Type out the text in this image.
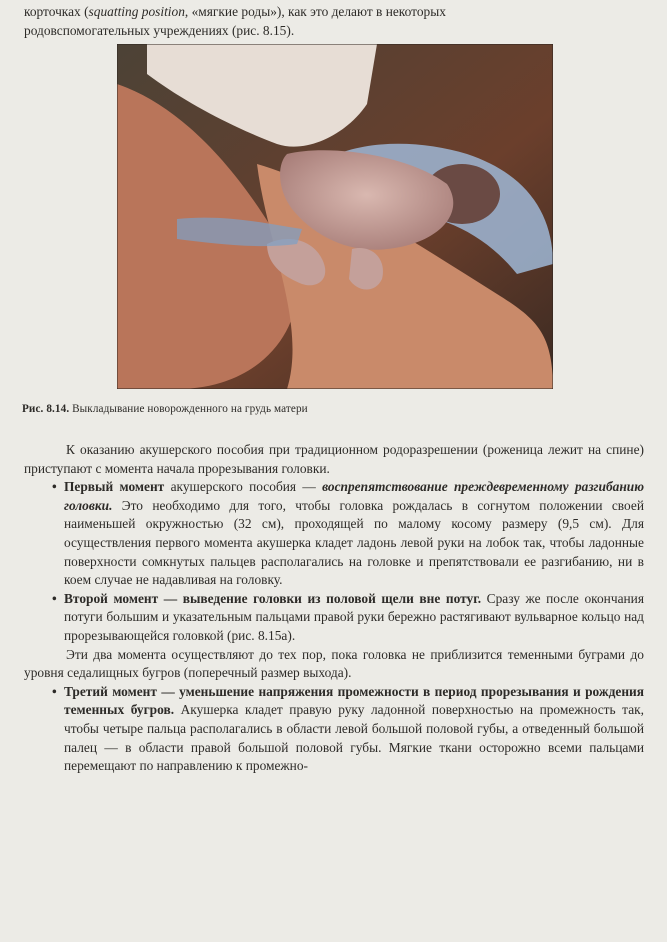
корточках (squatting position, «мягкие роды»), как это делают в некоторых
родовспомогательных учреждениях (рис. 8.15).
Рис. 8.14. Выкладывание новорожденного на грудь матери

К оказанию акушерского пособия при традиционном родоразрешении (роженица лежит на спине) приступают с момента начала прорезывания головки.

• Первый момент акушерского пособия — воспрепятствование преждевременному разгибанию головки. Это необходимо для того, чтобы головка рождалась в согнутом положении своей наименьшей окружностью (32 см), проходящей по малому косому размеру (9,5 см). Для осуществления первого момента акушерка кладет ладонь левой руки на лобок так, чтобы ладонные поверхности сомкнутых пальцев располагались на головке и препятствовали ее разгибанию, ни в коем случае не надавливая на головку.

• Второй момент — выведение головки из половой щели вне потуг. Сразу же после окончания потуги большим и указательным пальцами правой руки бережно растягивают вульварное кольцо над прорезывающейся головкой (рис. 8.15а).

Эти два момента осуществляют до тех пор, пока головка не приблизится теменными буграми до уровня седалищных бугров (поперечный размер выхода).

• Третий момент — уменьшение напряжения промежности в период прорезывания и рождения теменных бугров. Акушерка кладет правую руку ладонной поверхностью на промежность так, чтобы четыре пальца располагались в области левой большой половой губы, а отведенный большой палец — в области правой большой половой губы. Мягкие ткани осторожно всеми пальцами перемещают по направлению к промежно-
